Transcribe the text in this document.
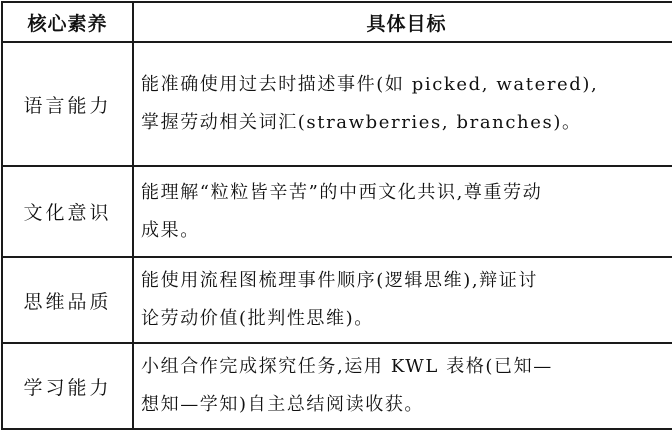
核心素养	具体目标
语言能力	能准确使用过去时描述事件(如 picked, watered),
掌握劳动相关词汇(strawberries, branches)。

文化意识	能理解“粒粒皆辛苦”的中西文化共识,尊重劳动
成果。

思维品质	能使用流程图梳理事件顺序(逻辑思维),辩证讨
论劳动价值(批判性思维)。

学习能力	小组合作完成探究任务,运用 KWL 表格(已知—
想知—学知)自主总结阅读收获。
